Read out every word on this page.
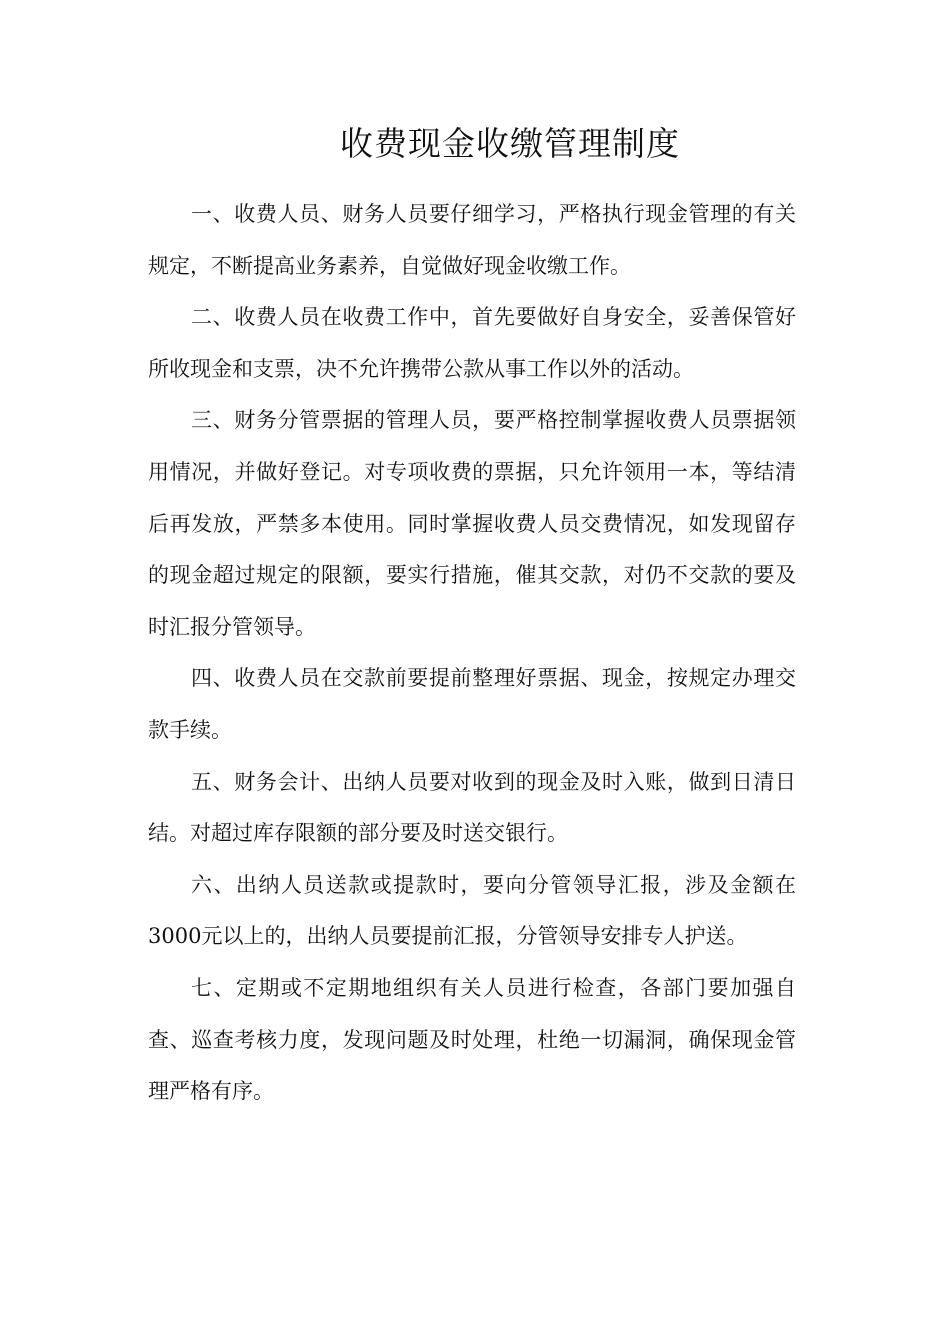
收费现金收缴管理制度

一、收费人员、财务人员要仔细学习，严格执行现金管理的有关规定，不断提高业务素养，自觉做好现金收缴工作。

二、收费人员在收费工作中，首先要做好自身安全，妥善保管好所收现金和支票，决不允许携带公款从事工作以外的活动。

三、财务分管票据的管理人员，要严格控制掌握收费人员票据领用情况，并做好登记。对专项收费的票据，只允许领用一本，等结清后再发放，严禁多本使用。同时掌握收费人员交费情况，如发现留存的现金超过规定的限额，要实行措施，催其交款，对仍不交款的要及时汇报分管领导。

四、收费人员在交款前要提前整理好票据、现金，按规定办理交款手续。

五、财务会计、出纳人员要对收到的现金及时入账，做到日清日结。对超过库存限额的部分要及时送交银行。

六、出纳人员送款或提款时，要向分管领导汇报，涉及金额在3000元以上的，出纳人员要提前汇报，分管领导安排专人护送。

七、定期或不定期地组织有关人员进行检查，各部门要加强自查、巡查考核力度，发现问题及时处理，杜绝一切漏洞，确保现金管理严格有序。
